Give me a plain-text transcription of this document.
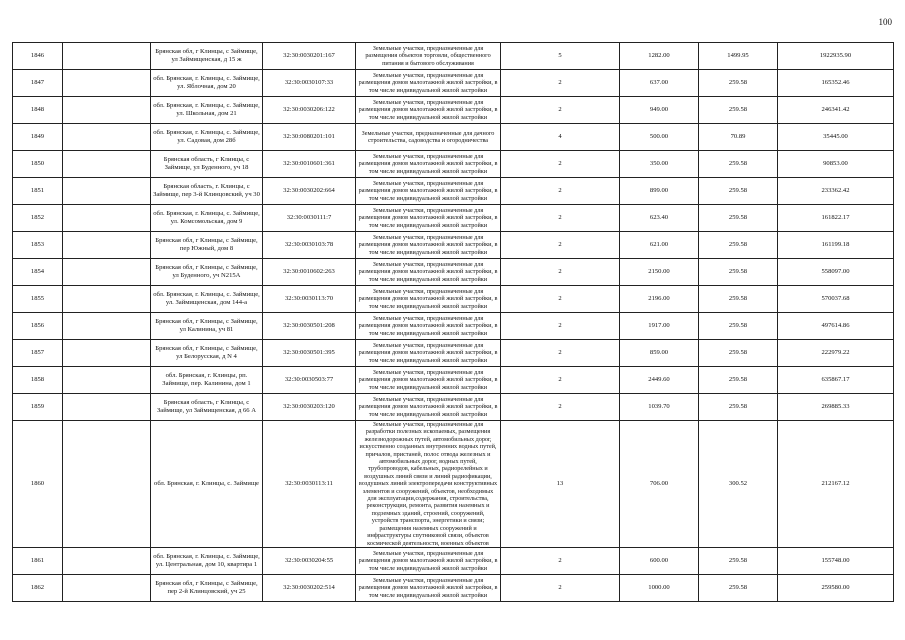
100
1846		Брянская обл, г Клинцы, с Займище, ул Займищенская, д 15 ж	32:30:0030201:167	Земельные участки, предназначенные для размещения объектов торговли, общественного питания и бытового обслуживания	5	1282.00	1499.95	1922935.90
1847		обл. Брянская, г. Клинцы, с. Займище, ул. Яблочная, дом 20	32:30:0030107:33	Земельные участки, предназначенные для размещения домов малоэтажной жилой застройки, в том числе индивидуальной жилой застройки	2	637.00	259.58	165352.46
1848		обл. Брянская, г. Клинцы, с. Займище, ул. Школьная, дом 21	32:30:0030206:122	Земельные участки, предназначенные для размещения домов малоэтажной жилой застройки, в том числе индивидуальной жилой застройки	2	949.00	259.58	246341.42
1849		обл. Брянская, г. Клинцы, с. Займище, ул. Садовая, дом 28б	32:30:0080201:101	Земельные участки, предназначенные для дачного строительства, садоводства и огородничества	4	500.00	70.89	35445.00
1850		Брянская область, г Клинцы, с Займище, ул Буденного, уч 18	32:30:0010601:361	Земельные участки, предназначенные для размещения домов малоэтажной жилой застройки, в том числе индивидуальной жилой застройки	2	350.00	259.58	90853.00
1851		Брянская область, г. Клинцы, с Займище, пер 3-й Клинцовский, уч 30	32:30:0030202:664	Земельные участки, предназначенные для размещения домов малоэтажной жилой застройки, в том числе индивидуальной жилой застройки	2	899.00	259.58	233362.42
1852		обл. Брянская, г. Клинцы, с. Займище, ул. Комсомольская, дом 9	32:30:0030111:7	Земельные участки, предназначенные для размещения домов малоэтажной жилой застройки, в том числе индивидуальной жилой застройки	2	623.40	259.58	161822.17
1853		Брянская обл, г Клинцы, с Займище, пер Южный, дом 8	32:30:0030103:78	Земельные участки, предназначенные для размещения домов малоэтажной жилой застройки, в том числе индивидуальной жилой застройки	2	621.00	259.58	161199.18
1854		Брянская обл, г Клинцы, с Займище, ул Буденного, уч N215А	32:30:0010602:263	Земельные участки, предназначенные для размещения домов малоэтажной жилой застройки, в том числе индивидуальной жилой застройки	2	2150.00	259.58	558097.00
1855		обл. Брянская, г. Клинцы, с. Займище, ул. Займищенская, дом 144-а	32:30:0030113:70	Земельные участки, предназначенные для размещения домов малоэтажной жилой застройки, в том числе индивидуальной жилой застройки	2	2196.00	259.58	570037.68
1856		Брянская обл, г Клинцы, с Займище, ул Калинина, уч 81	32:30:0030501:208	Земельные участки, предназначенные для размещения домов малоэтажной жилой застройки, в том числе индивидуальной жилой застройки	2	1917.00	259.58	497614.86
1857		Брянская обл, г Клинцы, с Займище, ул Белорусская, д N 4	32:30:0030501:395	Земельные участки, предназначенные для размещения домов малоэтажной жилой застройки, в том числе индивидуальной жилой застройки	2	859.00	259.58	222979.22
1858		обл. Брянская, г. Клинцы, рп. Займище, пер. Калинина, дом 1	32:30:0030503:77	Земельные участки, предназначенные для размещения домов малоэтажной жилой застройки, в том числе индивидуальной жилой застройки	2	2449.60	259.58	635867.17
1859		Брянская область, г Клинцы, с Займище, ул Займищенская, д 66 А	32:30:0030203:120	Земельные участки, предназначенные для размещения домов малоэтажной жилой застройки, в том числе индивидуальной жилой застройки	2	1039.70	259.58	269885.33
1860		обл. Брянская, г. Клинцы, с. Займище	32:30:0030113:11	Земельные участки, предназначенные для разработки полезных ископаемых, размещения железнодорожных путей, автомобильных дорог, искусственно созданных внутренних водных путей, причалов, пристаней, полос отвода железных и автомобильных дорог, водных путей, трубопроводов, кабельных, радиорелейных и воздушных линий связи и линий радиофикации, воздушных линий электропередачи конструктивных элементов и сооружений, объектов, необходимых для эксплуатации,содержания, строительства, реконструкции, ремонта, развития наземных и подземных зданий, строений, сооружений, устройств транспорта, энергетики и связи; размещения наземных сооружений и инфраструктуры спутниковой связи, объектов космической деятельности, военных объектов	13	706.00	300.52	212167.12
1861		обл. Брянская, г. Клинцы, с. Займище, ул. Центральная, дом 10, квартира 1	32:30:0030204:55	Земельные участки, предназначенные для размещения домов малоэтажной жилой застройки, в том числе индивидуальной жилой застройки	2	600.00	259.58	155748.00
1862		Брянская обл, г Клинцы, с Займище, пер 2-й Клинцовский, уч 25	32:30:0030202:514	Земельные участки, предназначенные для размещения домов малоэтажной жилой застройки, в том числе индивидуальной жилой застройки	2	1000.00	259.58	259580.00
